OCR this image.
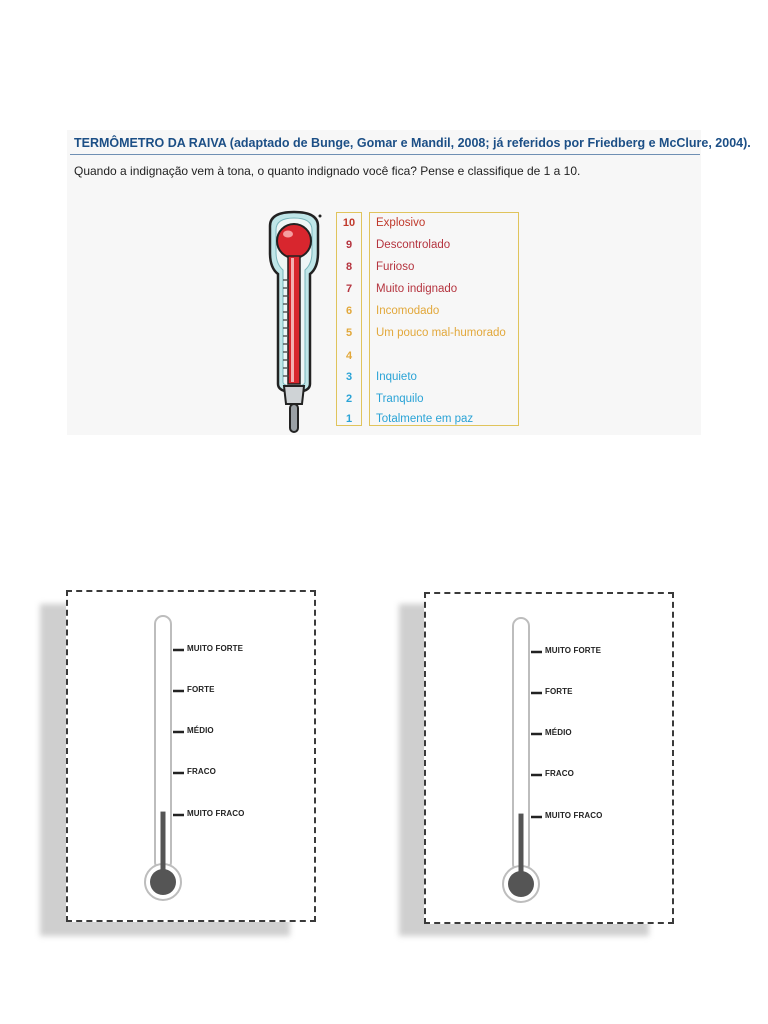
TERMÔMETRO DA RAIVA (adaptado de Bunge, Gomar e Mandil, 2008; já referidos por Friedberg e McClure, 2004).
Quando a indignação vem à tona, o quanto indignado você fica? Pense e classifique de 1 a 10.
10
9
8
7
6
5
4
3
2
1
Explosivo
Descontrolado
Furioso
Muito indignado
Incomodado
Um pouco mal-humorado
Inquieto
Tranquilo
Totalmente em paz
MUITO FORTE
FORTE
MÉDIO
FRACO
MUITO FRACO
MUITO FORTE
FORTE
MÉDIO
FRACO
MUITO FRACO
